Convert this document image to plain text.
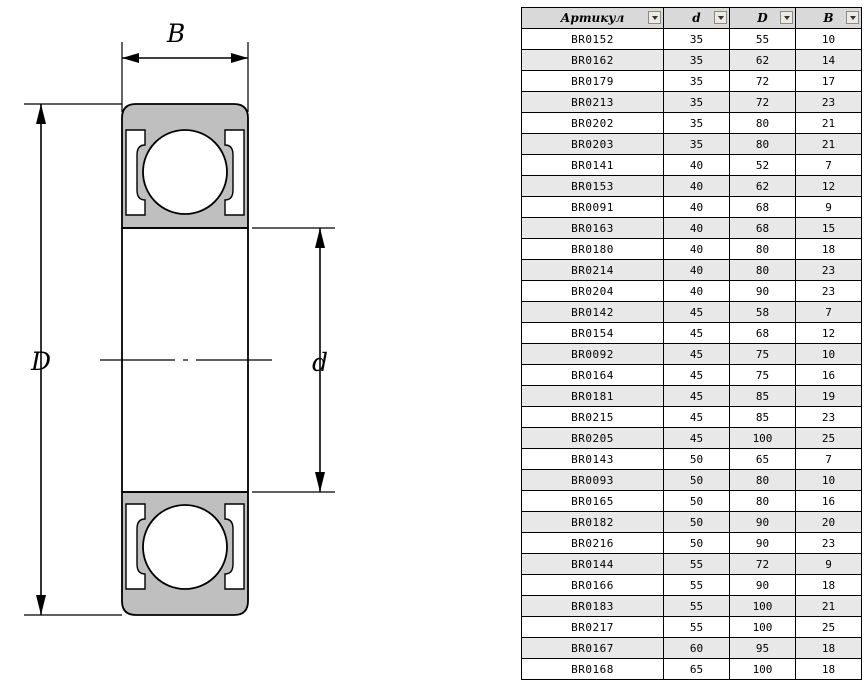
B
D	d
Артикул	d	D	B

BR0152	35	55	10
BR0162	35	62	14
BR0179	35	72	17
BR0213	35	72	23
BR0202	35	80	21
BR0203	35	80	21
BR0141	40	52	7
BR0153	40	62	12
BR0091	40	68	9
BR0163	40	68	15
BR0180	40	80	18
BR0214	40	80	23
BR0204	40	90	23
BR0142	45	58	7
BR0154	45	68	12
BR0092	45	75	10
BR0164	45	75	16
BR0181	45	85	19
BR0215	45	85	23
BR0205	45	100	25
BR0143	50	65	7
BR0093	50	80	10
BR0165	50	80	16
BR0182	50	90	20
BR0216	50	90	23
BR0144	55	72	9
BR0166	55	90	18
BR0183	55	100	21
BR0217	55	100	25
BR0167	60	95	18
BR0168	65	100	18
